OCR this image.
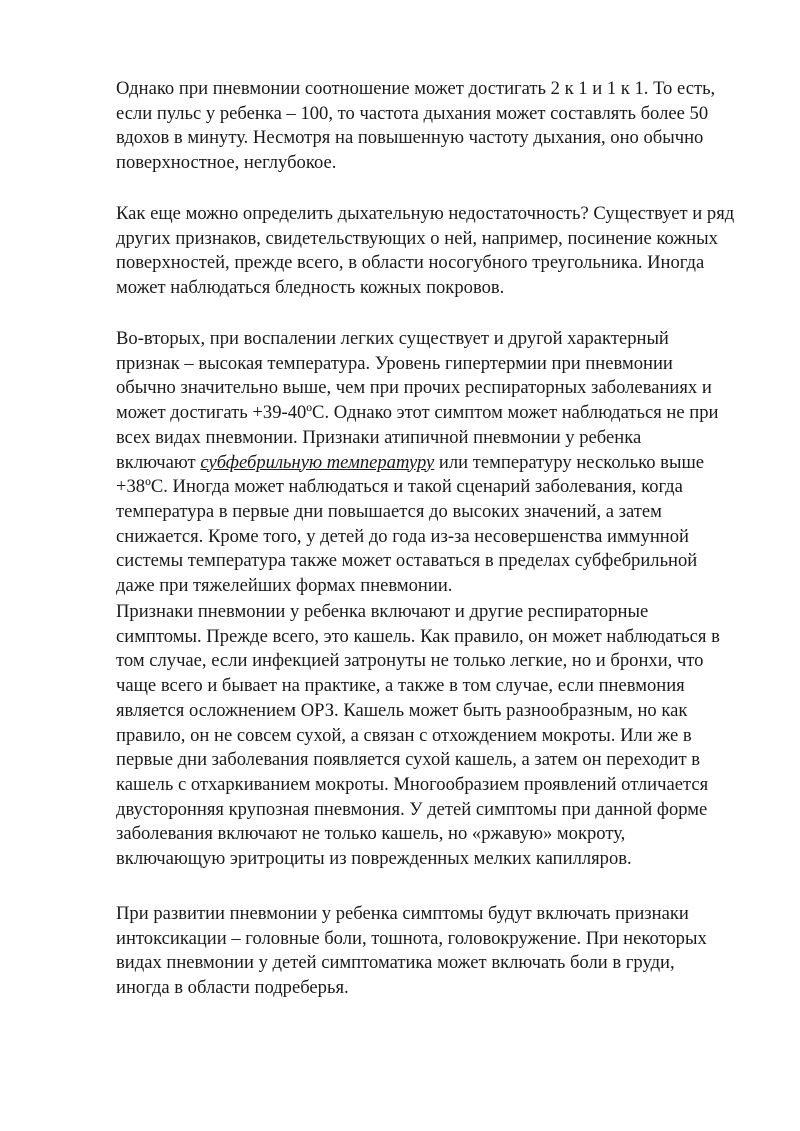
Однако при пневмонии соотношение может достигать 2 к 1 и 1 к 1. То есть,
если пульс у ребенка – 100, то частота дыхания может составлять более 50
вдохов в минуту. Несмотря на повышенную частоту дыхания, оно обычно
поверхностное, неглубокое.

Как еще можно определить дыхательную недостаточность? Существует и ряд
других признаков, свидетельствующих о ней, например, посинение кожных
поверхностей, прежде всего, в области носогубного треугольника. Иногда
может наблюдаться бледность кожных покровов.

Во-вторых, при воспалении легких существует и другой характерный
признак – высокая температура. Уровень гипертермии при пневмонии
обычно значительно выше, чем при прочих респираторных заболеваниях и
может достигать +39-40ºС. Однако этот симптом может наблюдаться не при
всех видах пневмонии. Признаки атипичной пневмонии у ребенка
включают субфебрильную температуру или температуру несколько выше
+38ºС. Иногда может наблюдаться и такой сценарий заболевания, когда
температура в первые дни повышается до высоких значений, а затем
снижается. Кроме того, у детей до года из-за несовершенства иммунной
системы температура также может оставаться в пределах субфебрильной
даже при тяжелейших формах пневмонии.

Признаки пневмонии у ребенка включают и другие респираторные
симптомы. Прежде всего, это кашель. Как правило, он может наблюдаться в
том случае, если инфекцией затронуты не только легкие, но и бронхи, что
чаще всего и бывает на практике, а также в том случае, если пневмония
является осложнением ОРЗ. Кашель может быть разнообразным, но как
правило, он не совсем сухой, а связан с отхождением мокроты. Или же в
первые дни заболевания появляется сухой кашель, а затем он переходит в
кашель с отхаркиванием мокроты. Многообразием проявлений отличается
двусторонняя крупозная пневмония. У детей симптомы при данной форме
заболевания включают не только кашель, но «ржавую» мокроту,
включающую эритроциты из поврежденных мелких капилляров.

При развитии пневмонии у ребенка симптомы будут включать признаки
интоксикации – головные боли, тошнота, головокружение. При некоторых
видах пневмонии у детей симптоматика может включать боли в груди,
иногда в области подреберья.
